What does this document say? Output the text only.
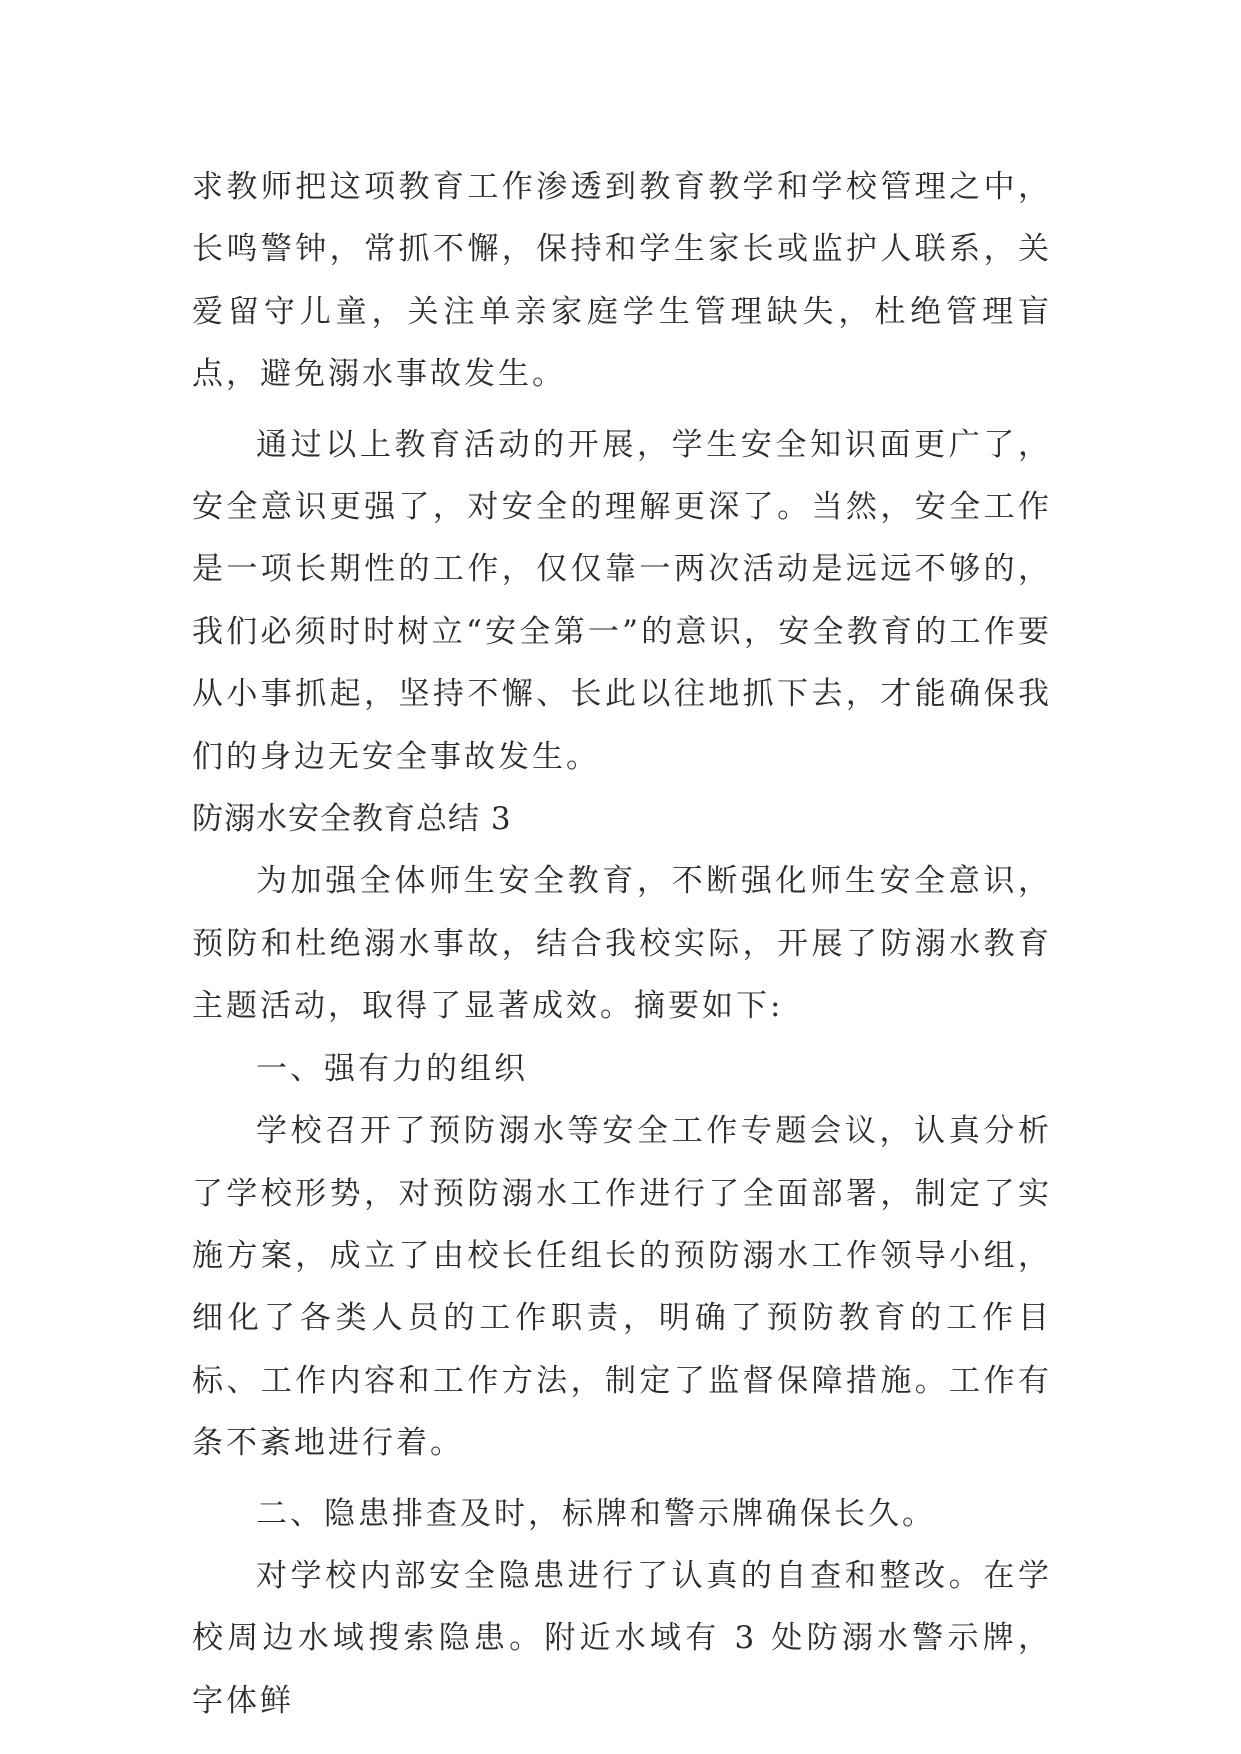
求教师把这项教育工作渗透到教育教学和学校管理之中，长鸣警钟，常抓不懈，保持和学生家长或监护人联系，关爱留守儿童，关注单亲家庭学生管理缺失，杜绝管理盲点，避免溺水事故发生。

通过以上教育活动的开展，学生安全知识面更广了，安全意识更强了，对安全的理解更深了。当然，安全工作是一项长期性的工作，仅仅靠一两次活动是远远不够的，我们必须时时树立“安全第一”的意识，安全教育的工作要从小事抓起，坚持不懈、长此以往地抓下去，才能确保我们的身边无安全事故发生。

防溺水安全教育总结 3

为加强全体师生安全教育，不断强化师生安全意识，预防和杜绝溺水事故，结合我校实际，开展了防溺水教育主题活动，取得了显著成效。摘要如下:

一、强有力的组织

学校召开了预防溺水等安全工作专题会议，认真分析了学校形势，对预防溺水工作进行了全面部署，制定了实施方案，成立了由校长任组长的预防溺水工作领导小组，细化了各类人员的工作职责，明确了预防教育的工作目标、工作内容和工作方法，制定了监督保障措施。工作有条不紊地进行着。

二、隐患排查及时，标牌和警示牌确保长久。

对学校内部安全隐患进行了认真的自查和整改。在学校周边水域搜索隐患。附近水域有 3 处防溺水警示牌，字体鲜
